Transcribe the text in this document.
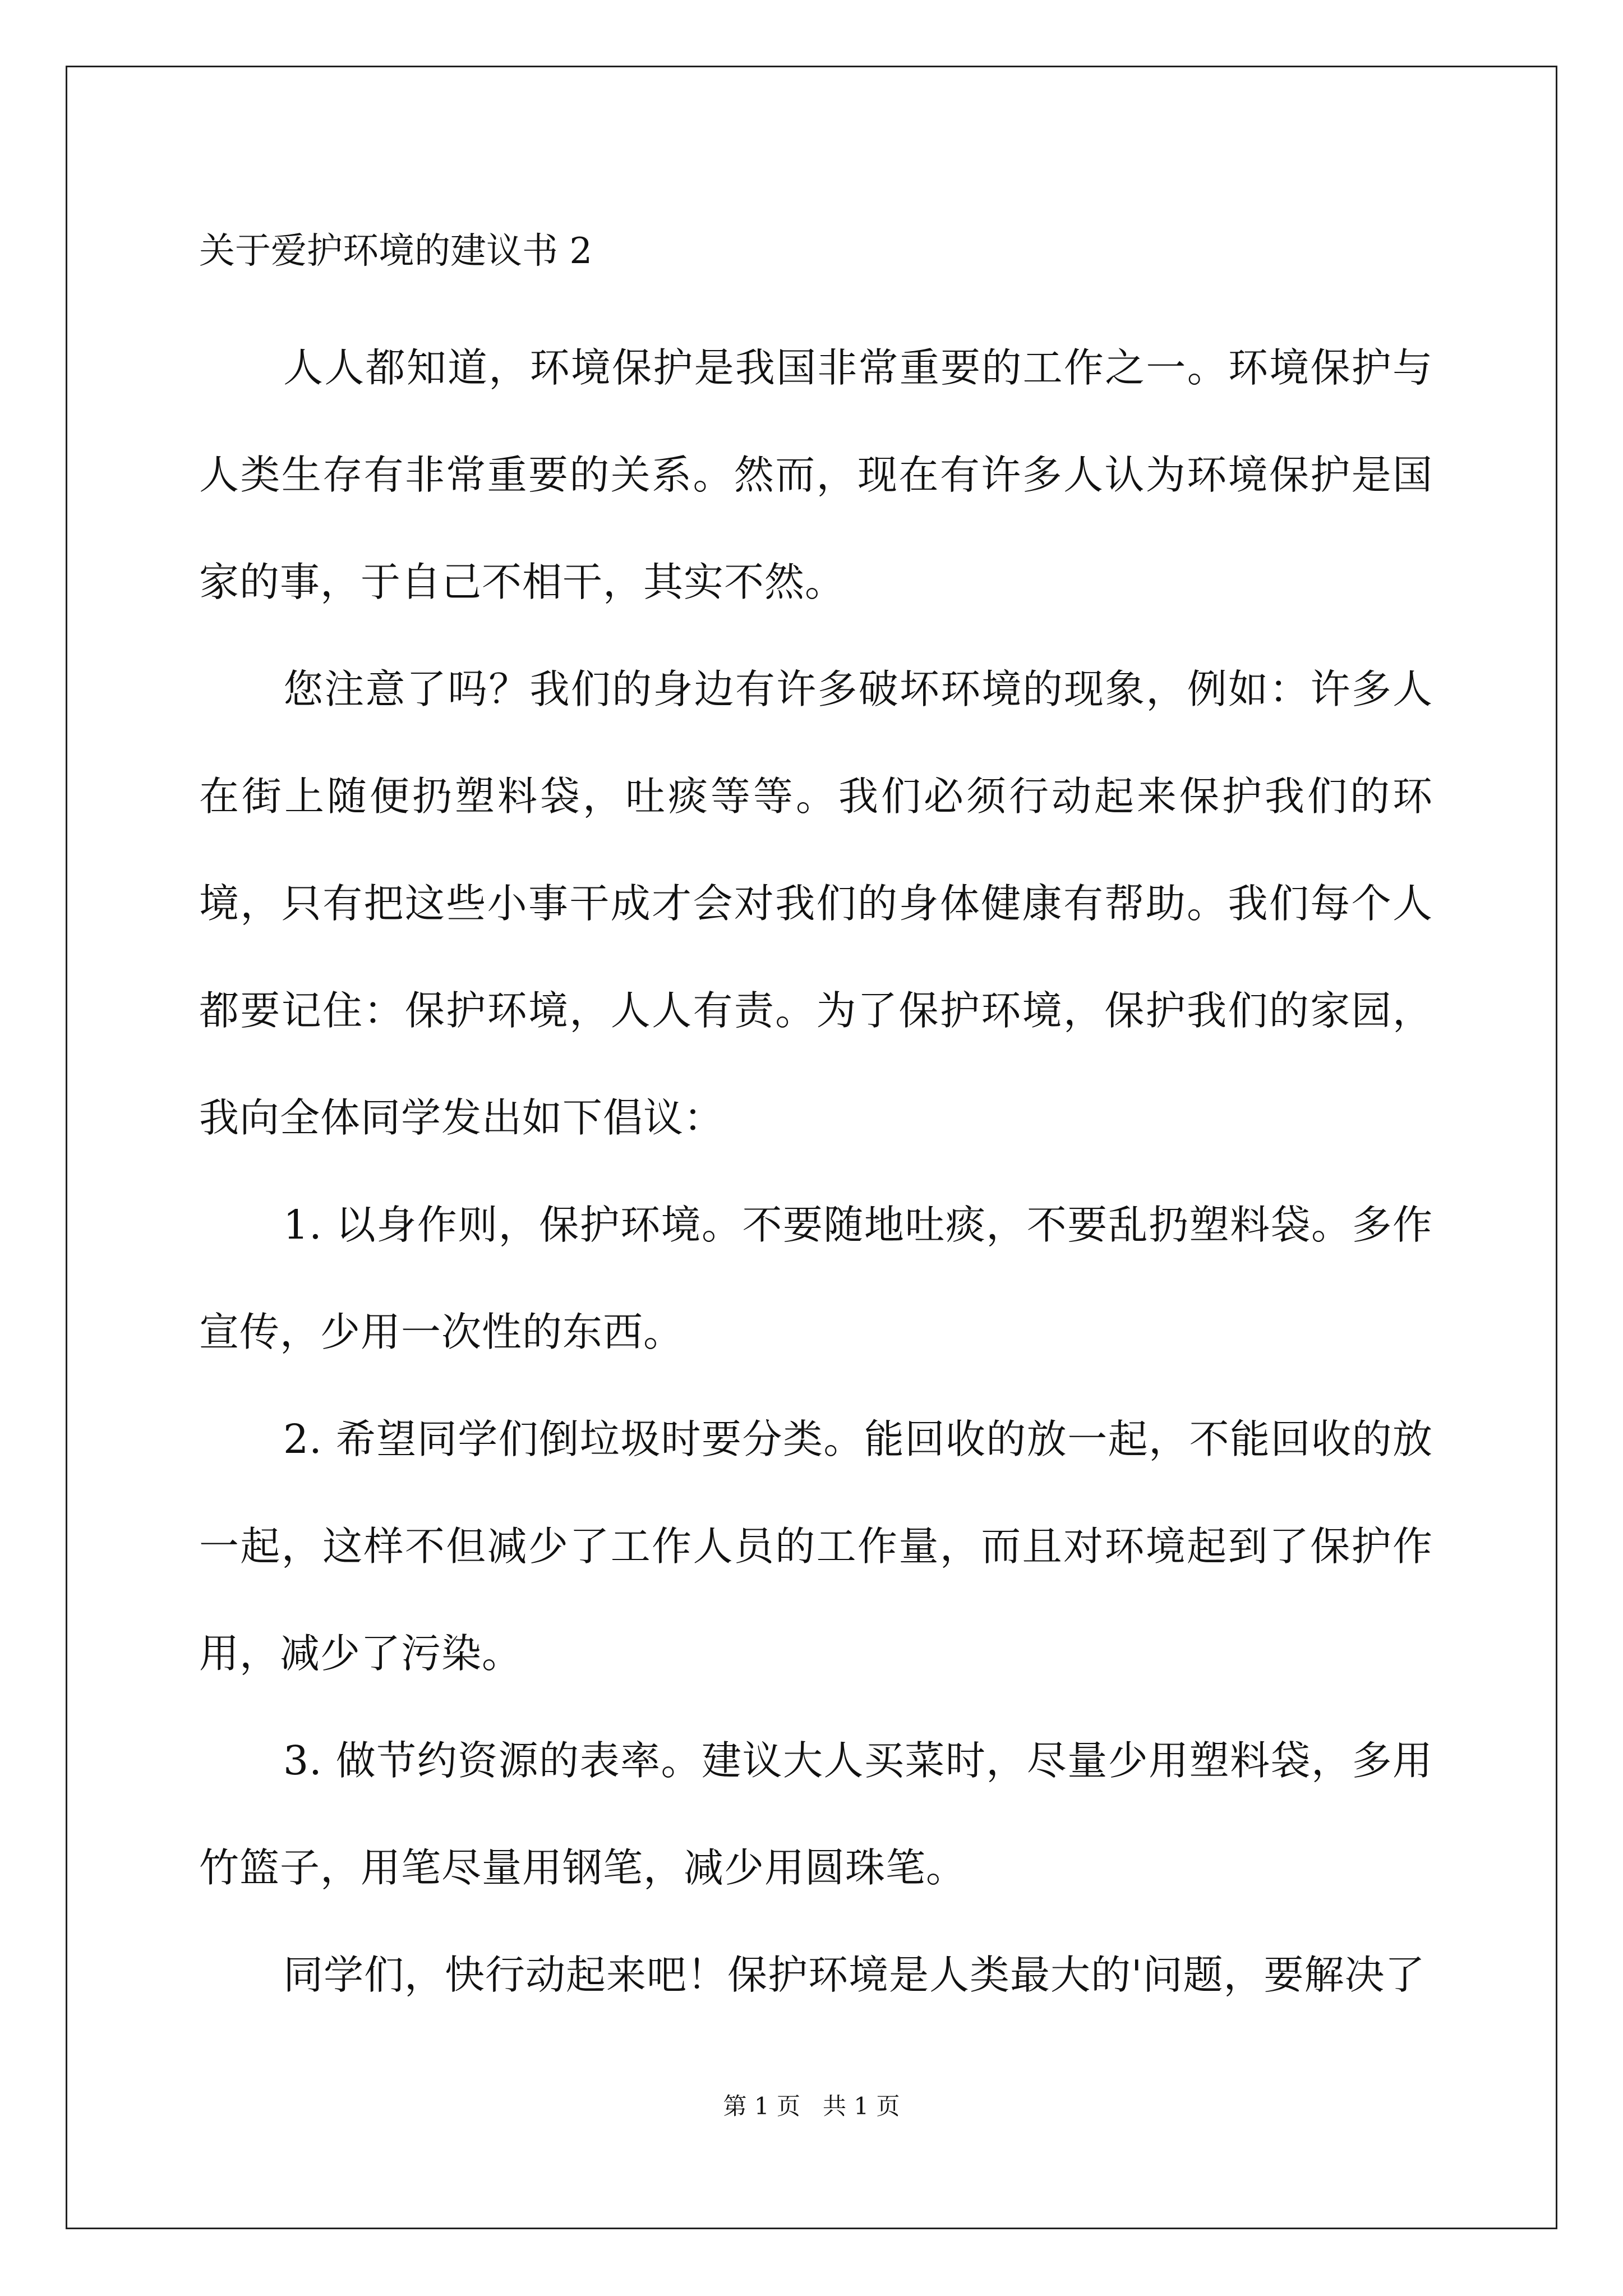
关于爱护环境的建议书 2

人人都知道，环境保护是我国非常重要的工作之一。环境保护与人类生存有非常重要的关系。然而，现在有许多人认为环境保护是国家的事，于自己不相干，其实不然。

您注意了吗？我们的身边有许多破坏环境的现象，例如：许多人在街上随便扔塑料袋，吐痰等等。我们必须行动起来保护我们的环境，只有把这些小事干成才会对我们的身体健康有帮助。我们每个人都要记住：保护环境，人人有责。为了保护环境，保护我们的家园，我向全体同学发出如下倡议：

1. 以身作则，保护环境。不要随地吐痰，不要乱扔塑料袋。多作宣传，少用一次性的东西。

2. 希望同学们倒垃圾时要分类。能回收的放一起，不能回收的放一起，这样不但减少了工作人员的工作量，而且对环境起到了保护作用，减少了污染。

3. 做节约资源的表率。建议大人买菜时，尽量少用塑料袋，多用竹篮子，用笔尽量用钢笔，减少用圆珠笔。

同学们，快行动起来吧！保护环境是人类最大的'问题，要解决了

第 1 页   共 1 页
